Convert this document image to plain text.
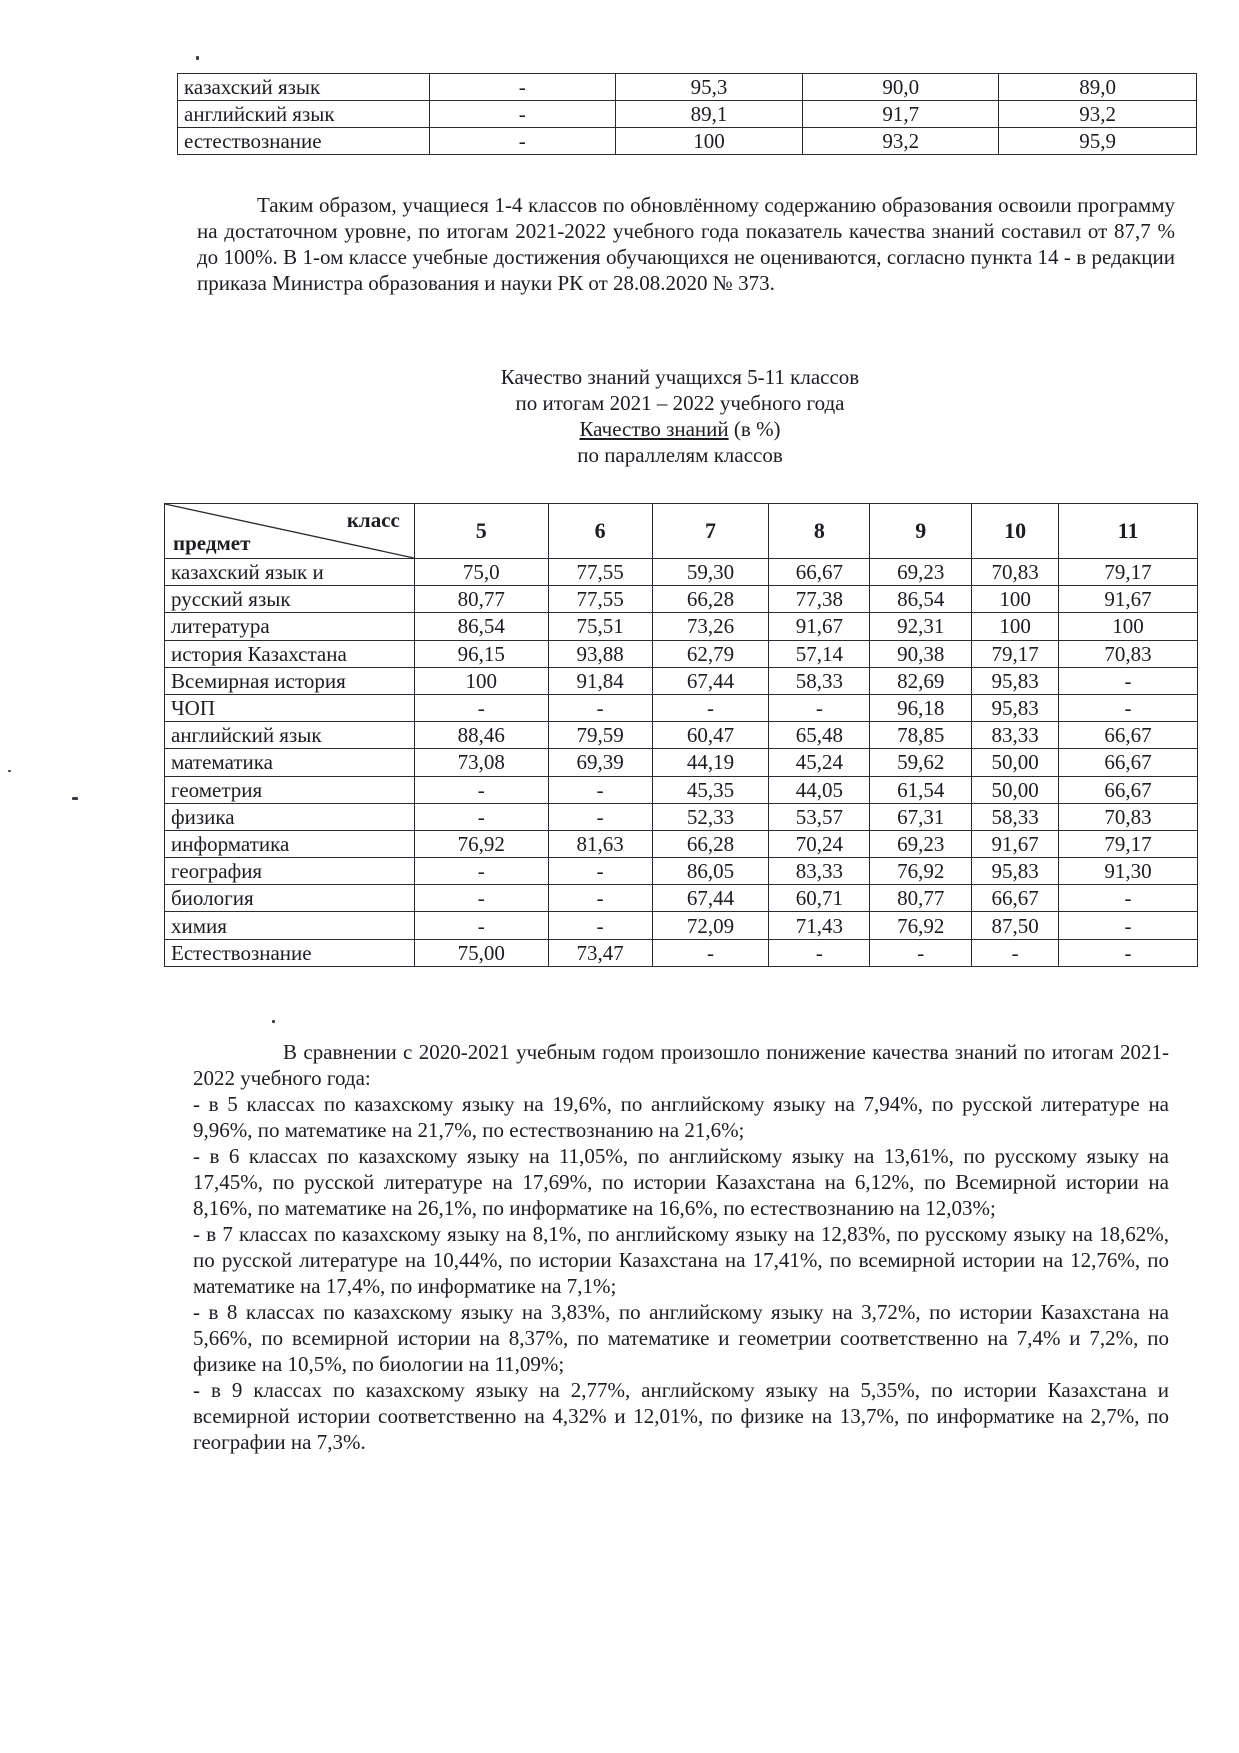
казахский язык	-	95,3	90,0	89,0
английский язык	-	89,1	91,7	93,2
естествознание	-	100	93,2	95,9
Таким образом, учащиеся 1-4 классов по обновлённому содержанию образования освоили программу на достаточном уровне, по итогам 2021-2022 учебного года показатель качества знаний составил от 87,7 % до 100%. В 1-ом классе учебные достижения обучающихся не оцениваются, согласно пункта 14 - в редакции приказа Министра образования и науки РК от 28.08.2020 № 373.
Качество знаний учащихся 5-11 классов
по итогам 2021 – 2022 учебного года
Качество знаний (в %)
по параллелям классов
класс
предмет	5	6	7	8	9	10	11
казахский язык и	75,0	77,55	59,30	66,67	69,23	70,83	79,17
русский язык	80,77	77,55	66,28	77,38	86,54	100	91,67
литература	86,54	75,51	73,26	91,67	92,31	100	100
история Казахстана	96,15	93,88	62,79	57,14	90,38	79,17	70,83
Всемирная история	100	91,84	67,44	58,33	82,69	95,83	-
ЧОП	-	-	-	-	96,18	95,83	-
английский язык	88,46	79,59	60,47	65,48	78,85	83,33	66,67
математика	73,08	69,39	44,19	45,24	59,62	50,00	66,67
геометрия	-	-	45,35	44,05	61,54	50,00	66,67
физика	-	-	52,33	53,57	67,31	58,33	70,83
информатика	76,92	81,63	66,28	70,24	69,23	91,67	79,17
география	-	-	86,05	83,33	76,92	95,83	91,30
биология	-	-	67,44	60,71	80,77	66,67	-
химия	-	-	72,09	71,43	76,92	87,50	-
Естествознание	75,00	73,47	-	-	-	-	-

В сравнении с 2020-2021 учебным годом произошло понижение качества знаний по итогам 2021-2022 учебного года:

- в 5 классах по казахскому языку на 19,6%, по английскому языку на 7,94%, по русской литературе на 9,96%, по математике на 21,7%, по естествознанию на 21,6%;

- в 6 классах по казахскому языку на 11,05%, по английскому языку на 13,61%, по русскому языку на 17,45%, по русской литературе на 17,69%, по истории Казахстана на 6,12%, по Всемирной истории на 8,16%, по математике на 26,1%, по информатике на 16,6%, по естествознанию на 12,03%;

- в 7 классах по казахскому языку на 8,1%, по английскому языку на 12,83%, по русскому языку на 18,62%, по русской литературе на 10,44%, по истории Казахстана на 17,41%, по всемирной истории на 12,76%, по математике на 17,4%, по информатике на 7,1%;

- в 8 классах по казахскому языку на 3,83%, по английскому языку на 3,72%, по истории Казахстана на 5,66%, по всемирной истории на 8,37%, по математике и геометрии соответственно на 7,4% и 7,2%, по физике на 10,5%, по биологии на 11,09%;

- в 9 классах по казахскому языку на 2,77%, английскому языку на 5,35%, по истории Казахстана и всемирной истории соответственно на 4,32% и 12,01%, по физике на 13,7%, по информатике на 2,7%, по географии на 7,3%.
